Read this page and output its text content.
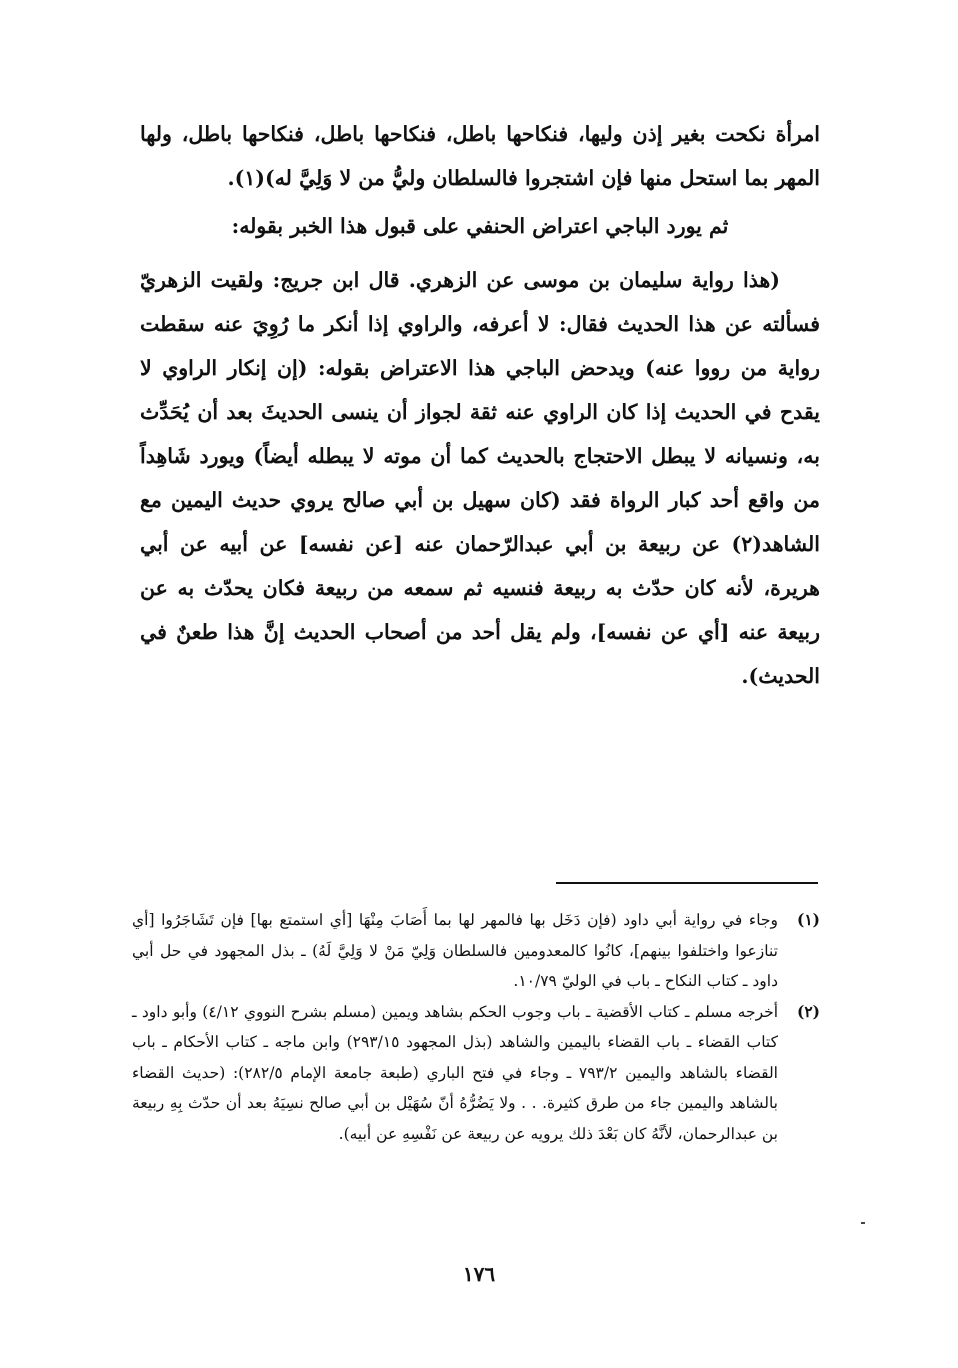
امرأة نكحت بغير إذن وليها، فنكاحها باطل، فنكاحها باطل، فنكاحها باطل، ولها المهر بما استحل منها فإن اشتجروا فالسلطان وليُّ من لا وَلِيَّ له)(١).

ثم يورد الباجي اعتراض الحنفي على قبول هذا الخبر بقوله:

(هذا رواية سليمان بن موسى عن الزهري. قال ابن جريج: ولقيت الزهريّ فسألته عن هذا الحديث فقال: لا أعرفه، والراوي إذا أنكر ما رُوِيَ عنه سقطت رواية من رووا عنه) ويدحض الباجي هذا الاعتراض بقوله: (إن إنكار الراوي لا يقدح في الحديث إذا كان الراوي عنه ثقة لجواز أن ينسى الحديثَ بعد أن يُحَدِّث به، ونسيانه لا يبطل الاحتجاج بالحديث كما أن موته لا يبطله أيضاً) ويورد شَاهِداً من واقع أحد كبار الرواة فقد (كان سهيل بن أبي صالح يروي حديث اليمين مع الشاهد(٢) عن ربيعة بن أبي عبدالرّحمان عنه [عن نفسه] عن أبيه عن أبي هريرة، لأنه كان حدّث به ربيعة فنسيه ثم سمعه من ربيعة فكان يحدّث به عن ربيعة عنه [أي عن نفسه]، ولم يقل أحد من أصحاب الحديث إنَّ هذا طعنٌ في الحديث).

(١)
وجاء في رواية أبي داود (فإن دَخَل بها فالمهر لها بما أَصَابَ مِنْهَا [أي استمتع بها] فإن تَشَاجَرُوا [أي تنازعوا واختلفوا بينهم]، كانُوا كالمعدومين فالسلطان وَلِيّ مَنْ لا وَلِيَّ لَهُ) ـ بذل المجهود في حل أبي داود ـ كتاب النكاح ـ باب في الوليّ ١٠/٧٩.
(٢)
أخرجه مسلم ـ كتاب الأقضية ـ باب وجوب الحكم بشاهد ويمين (مسلم بشرح النووي ٤/١٢) وأبو داود ـ كتاب القضاء ـ باب القضاء باليمين والشاهد (بذل المجهود ٢٩٣/١٥) وابن ماجه ـ كتاب الأحكام ـ باب القضاء بالشاهد واليمين ٧٩٣/٢ ـ وجاء في فتح الباري (طبعة جامعة الإمام ٢٨٢/٥): (حديث القضاء بالشاهد واليمين جاء من طرق كثيرة. . . ولا يَضُرُّهُ أنّ سُهَيْل بن أبي صالح نسِيَهُ بعد أن حدّث بِهِ ربيعة بن عبدالرحمان، لأنَّهُ كان بَعْدَ ذلك يرويه عن ربيعة عن نَفْسِهِ عن أبيه).
١٧٦
